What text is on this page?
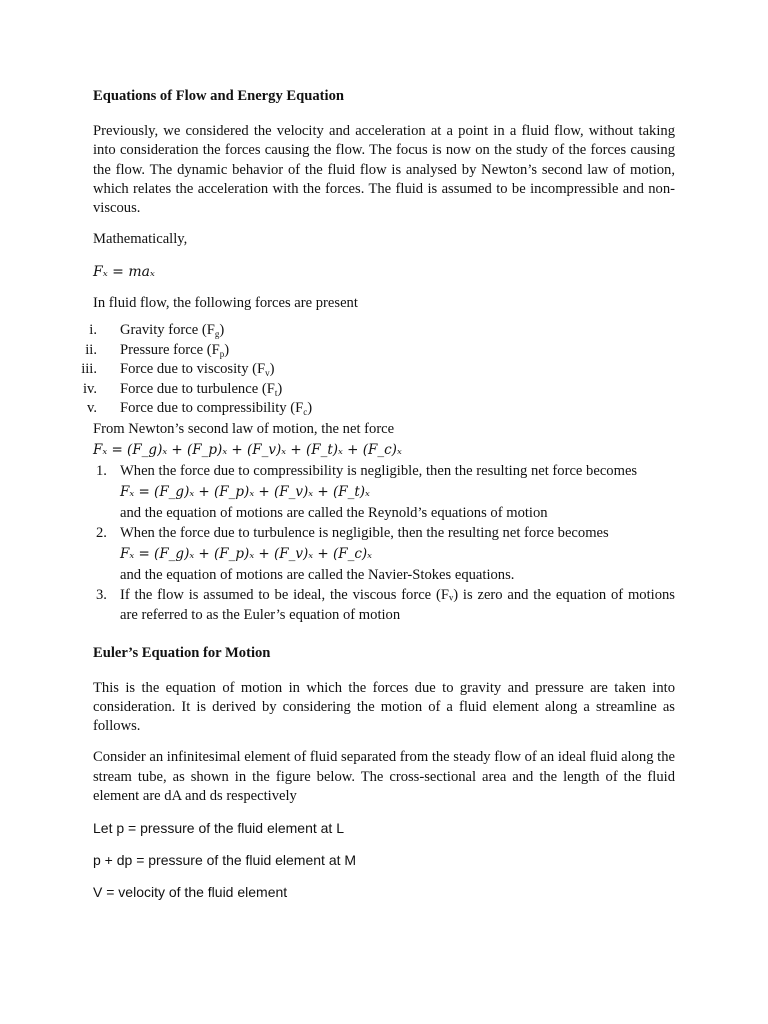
Equations of Flow and Energy Equation
Previously, we considered the velocity and acceleration at a point in a fluid flow, without taking into consideration the forces causing the flow. The focus is now on the study of the forces causing the flow. The dynamic behavior of the fluid flow is analysed by Newton’s second law of motion, which relates the acceleration with the forces. The fluid is assumed to be incompressible and non-viscous.
Mathematically,
Fₓ = maₓ
In fluid flow, the following forces are present
i. Gravity force $(F_g)$
ii. Pressure force $(F_p)$
iii. Force due to viscosity $(F_v)$
iv. Force due to turbulence $(F_t)$
v. Force due to compressibility $(F_c)$
From Newton’s second law of motion, the net force
Fₓ = (F_g)ₓ + (F_p)ₓ + (F_v)ₓ + (F_t)ₓ + (F_c)ₓ
1. When the force due to compressibility is negligible, then the resulting net force becomes
Fₓ = (F_g)ₓ + (F_p)ₓ + (F_v)ₓ + (F_t)ₓ
and the equation of motions are called the Reynold’s equations of motion
2. When the force due to turbulence is negligible, then the resulting net force becomes
Fₓ = (F_g)ₓ + (F_p)ₓ + (F_v)ₓ + (F_c)ₓ
and the equation of motions are called the Navier-Stokes equations.
3. If the flow is assumed to be ideal, the viscous force (Fᵥ) is zero and the equation of motions are referred to as the Euler’s equation of motion
Euler’s Equation for Motion
This is the equation of motion in which the forces due to gravity and pressure are taken into consideration. It is derived by considering the motion of a fluid element along a streamline as follows.
Consider an infinitesimal element of fluid separated from the steady flow of an ideal fluid along the stream tube, as shown in the figure below. The cross-sectional area and the length of the fluid element are dA and ds respectively
Let p = pressure of the fluid element at L
p + dp = pressure of the fluid element at M
V = velocity of the fluid element
